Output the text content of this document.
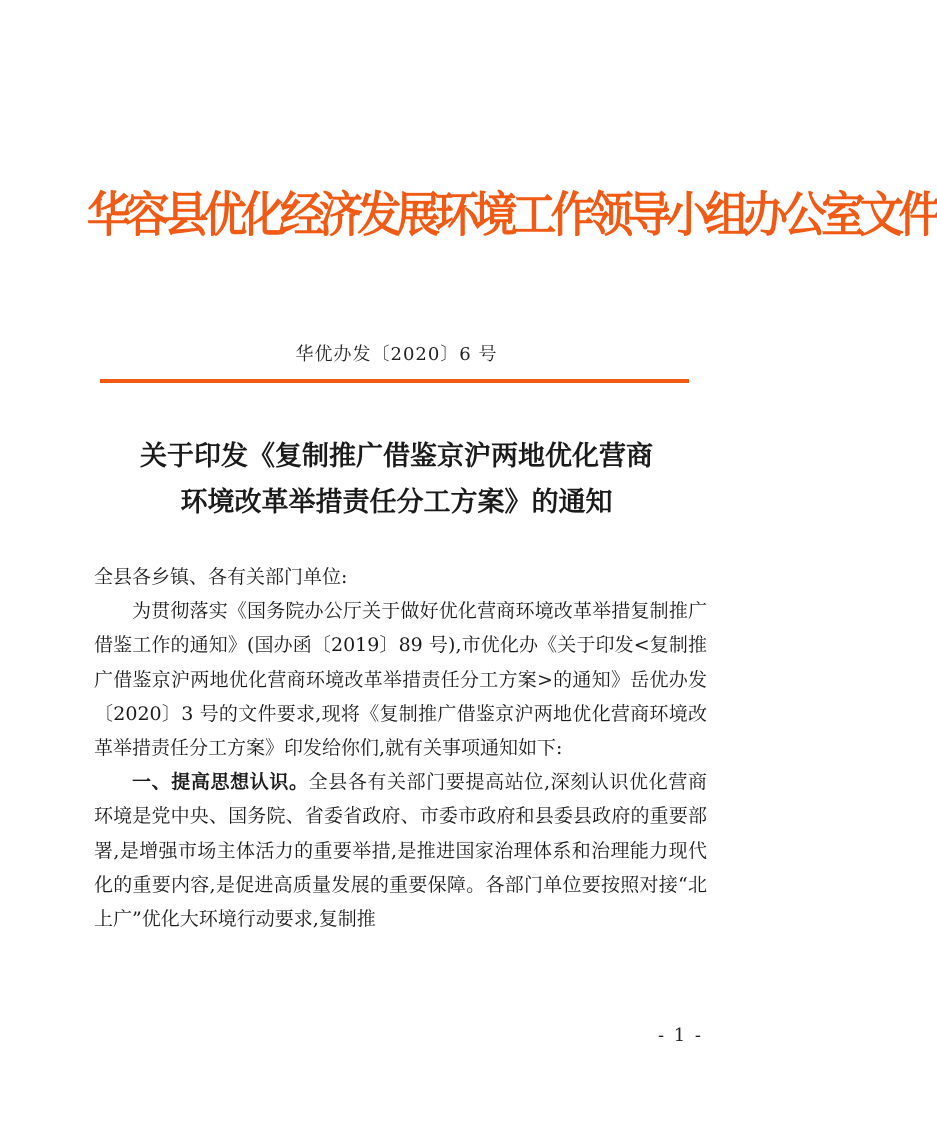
华容县优化经济发展环境工作领导小组办公室文件
华优办发〔2020〕6 号
关于印发《复制推广借鉴京沪两地优化营商
环境改革举措责任分工方案》的通知

全县各乡镇、各有关部门单位:

为贯彻落实《国务院办公厅关于做好优化营商环境改革举措复制推广借鉴工作的通知》(国办函〔2019〕89 号),市优化办《关于印发<复制推广借鉴京沪两地优化营商环境改革举措责任分工方案>的通知》岳优办发〔2020〕3 号的文件要求,现将《复制推广借鉴京沪两地优化营商环境改革举措责任分工方案》印发给你们,就有关事项通知如下:

一、提高思想认识。全县各有关部门要提高站位,深刻认识优化营商环境是党中央、国务院、省委省政府、市委市政府和县委县政府的重要部署,是增强市场主体活力的重要举措,是推进国家治理体系和治理能力现代化的重要内容,是促进高质量发展的重要保障。各部门单位要按照对接“北上广”优化大环境行动要求,复制推

- 1 -
